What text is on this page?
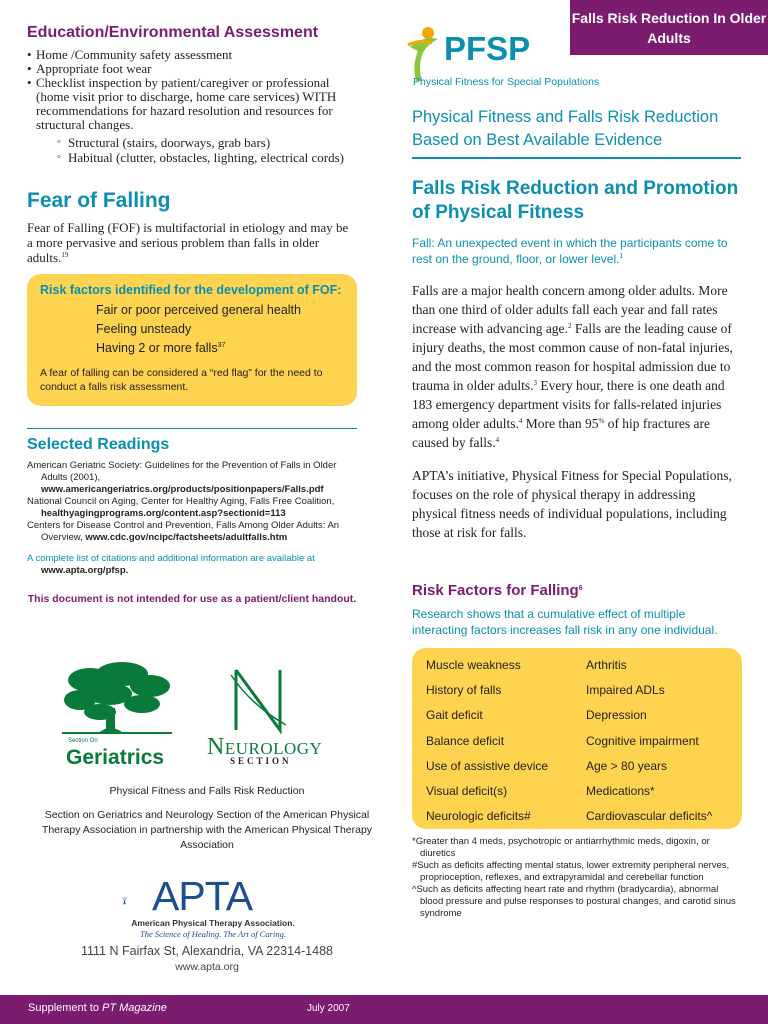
Education/Environmental Assessment
• Home /Community safety assessment
• Appropriate foot wear
• Checklist inspection by patient/caregiver or professional (home visit prior to discharge, home care services) WITH recommendations for hazard resolution and resources for structural changes.
◦ Structural (stairs, doorways, grab bars)
◦ Habitual (clutter, obstacles, lighting, electrical cords)
Fear of Falling

Fear of Falling (FOF) is multifactorial in etiology and may be a more pervasive and serious problem than falls in older adults.$^{19}$

Risk factors identified for the development of FOF:
Fair or poor perceived general health
Feeling unsteady
Having 2 or more falls$^{37}$
A fear of falling can be considered a “red flag” for the need to conduct a falls risk assessment.
Selected Readings
American Geriatric Society: Guidelines for the Prevention of Falls in Older Adults (2001), www.americangeriatrics.org/products/positionpapers/Falls.pdf
National Council on Aging, Center for Healthy Aging, Falls Free Coalition, healthyagingprograms.org/content.asp?sectionid=113
Centers for Disease Control and Prevention, Falls Among Older Adults: An Overview, www.cdc.gov/ncipc/factsheets/adultfalls.htm
A complete list of citations and additional information are available at www.apta.org/pfsp.
This document is not intended for use as a patient/client handout.
Section On
Geriatrics NEUROLOGY
SECTION
Physical Fitness and Falls Risk Reduction
Section on Geriatrics and Neurology Section of the American Physical Therapy Association in partnership with the American Physical Therapy Association
APTA
American Physical Therapy Association.
The Science of Healing. The Art of Caring.
1111 N Fairfax St, Alexandria, VA 22314-1488
www.apta.org
Supplement to PT Magazine	July 2007
Falls Risk Reduction In Older Adults
PFSP
Physical Fitness for Special Populations
Physical Fitness and Falls Risk Reduction Based on Best Available Evidence
Falls Risk Reduction and Promotion of Physical Fitness

Fall: An unexpected event in which the participants come to rest on the ground, floor, or lower level.$^1$

Falls are a major health concern among older adults. More than one third of older adults fall each year and fall rates increase with advancing age.$^2$ Falls are the leading cause of injury deaths, the most common cause of non-fatal injuries, and the most common reason for hospital admission due to trauma in older adults.$^3$ Every hour, there is one death and 183 emergency department visits for falls-related injuries among older adults.$^4$ More than 95% of hip fractures are caused by falls.$^4$

APTA’s initiative, Physical Fitness for Special Populations, focuses on the role of physical therapy in addressing physical fitness needs of individual populations, including those at risk for falls.

Risk Factors for Falling$^6$

Research shows that a cumulative effect of multiple interacting factors increases fall risk in any one individual.

Muscle weakness	Arthritis
History of falls	Impaired ADLs
Gait deficit	Depression
Balance deficit	Cognitive impairment
Use of assistive device	Age > 80 years
Visual deficit(s)	Medications*
Neurologic deficits#	Cardiovascular deficits^
*Greater than 4 meds, psychotropic or antiarrhythmic meds, digoxin, or diuretics
#Such as deficits affecting mental status, lower extremity peripheral nerves, proprioception, reflexes, and extrapyramidal and cerebellar function
^Such as deficits affecting heart rate and rhythm (bradycardia), abnormal blood pressure and pulse responses to postural changes, and carotid sinus syndrome
